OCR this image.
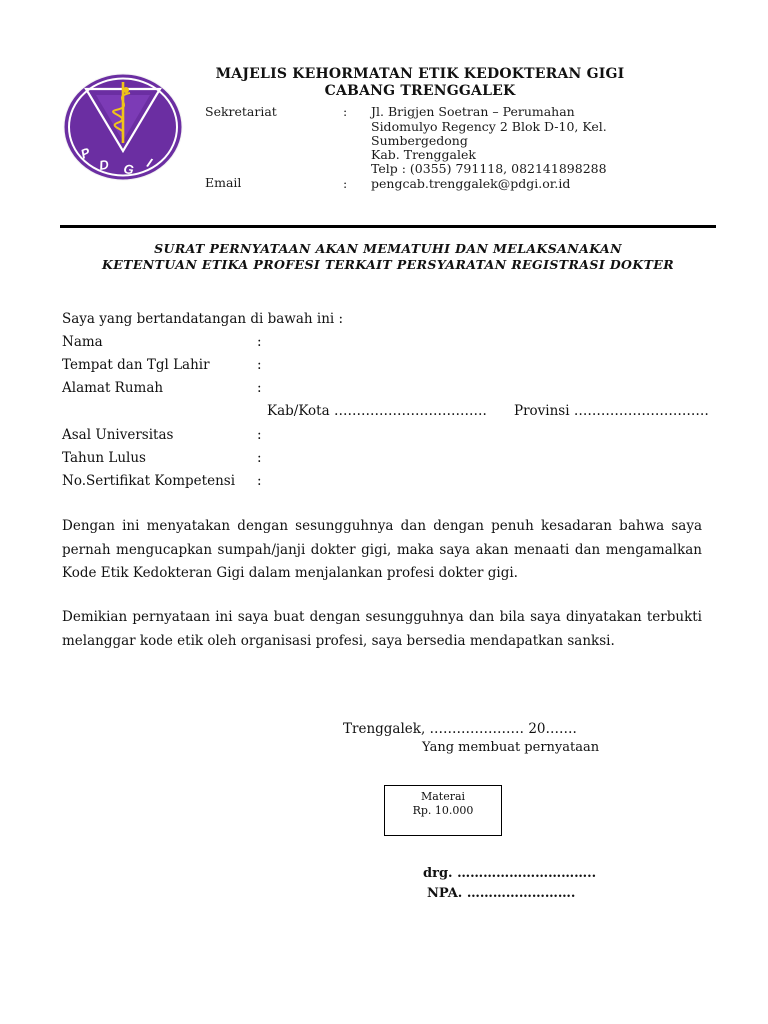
P
D G I
MAJELIS KEHORMATAN ETIK KEDOKTERAN GIGI
CABANG TRENGGALEK
Sekretariat	: Jl. Brigjen Soetran – Perumahan
Sidomulyo Regency 2 Blok D-10, Kel.
Sumbergedong
Kab. Trenggalek
Telp : (0355) 791118, 082141898288
Email	: pengcab.trenggalek@pdgi.or.id
SURAT PERNYATAAN AKAN MEMATUHI DAN MELAKSANAKAN
KETENTUAN ETIKA PROFESI TERKAIT PERSYARATAN REGISTRASI DOKTER
Saya yang bertandatangan di bawah ini :
Nama	:
Tempat dan Tgl Lahir	:
Alamat Rumah	:
Kab/Kota ……………………………. Provinsi …………………………
Asal Universitas	:
Tahun Lulus	:
No.Sertifikat Kompetensi :
Dengan ini menyatakan dengan sesungguhnya dan dengan penuh kesadaran bahwa saya pernah mengucapkan sumpah/janji dokter gigi, maka saya akan menaati dan mengamalkan Kode Etik Kedokteran Gigi dalam menjalankan profesi dokter gigi.
Demikian pernyataan ini saya buat dengan sesungguhnya dan bila saya dinyatakan terbukti melanggar kode etik oleh organisasi profesi, saya bersedia mendapatkan sanksi.
Trenggalek, ………………… 20…….
Yang membuat pernyataan
Materai
Rp. 10.000
drg. …………………………..
NPA. …………………….
